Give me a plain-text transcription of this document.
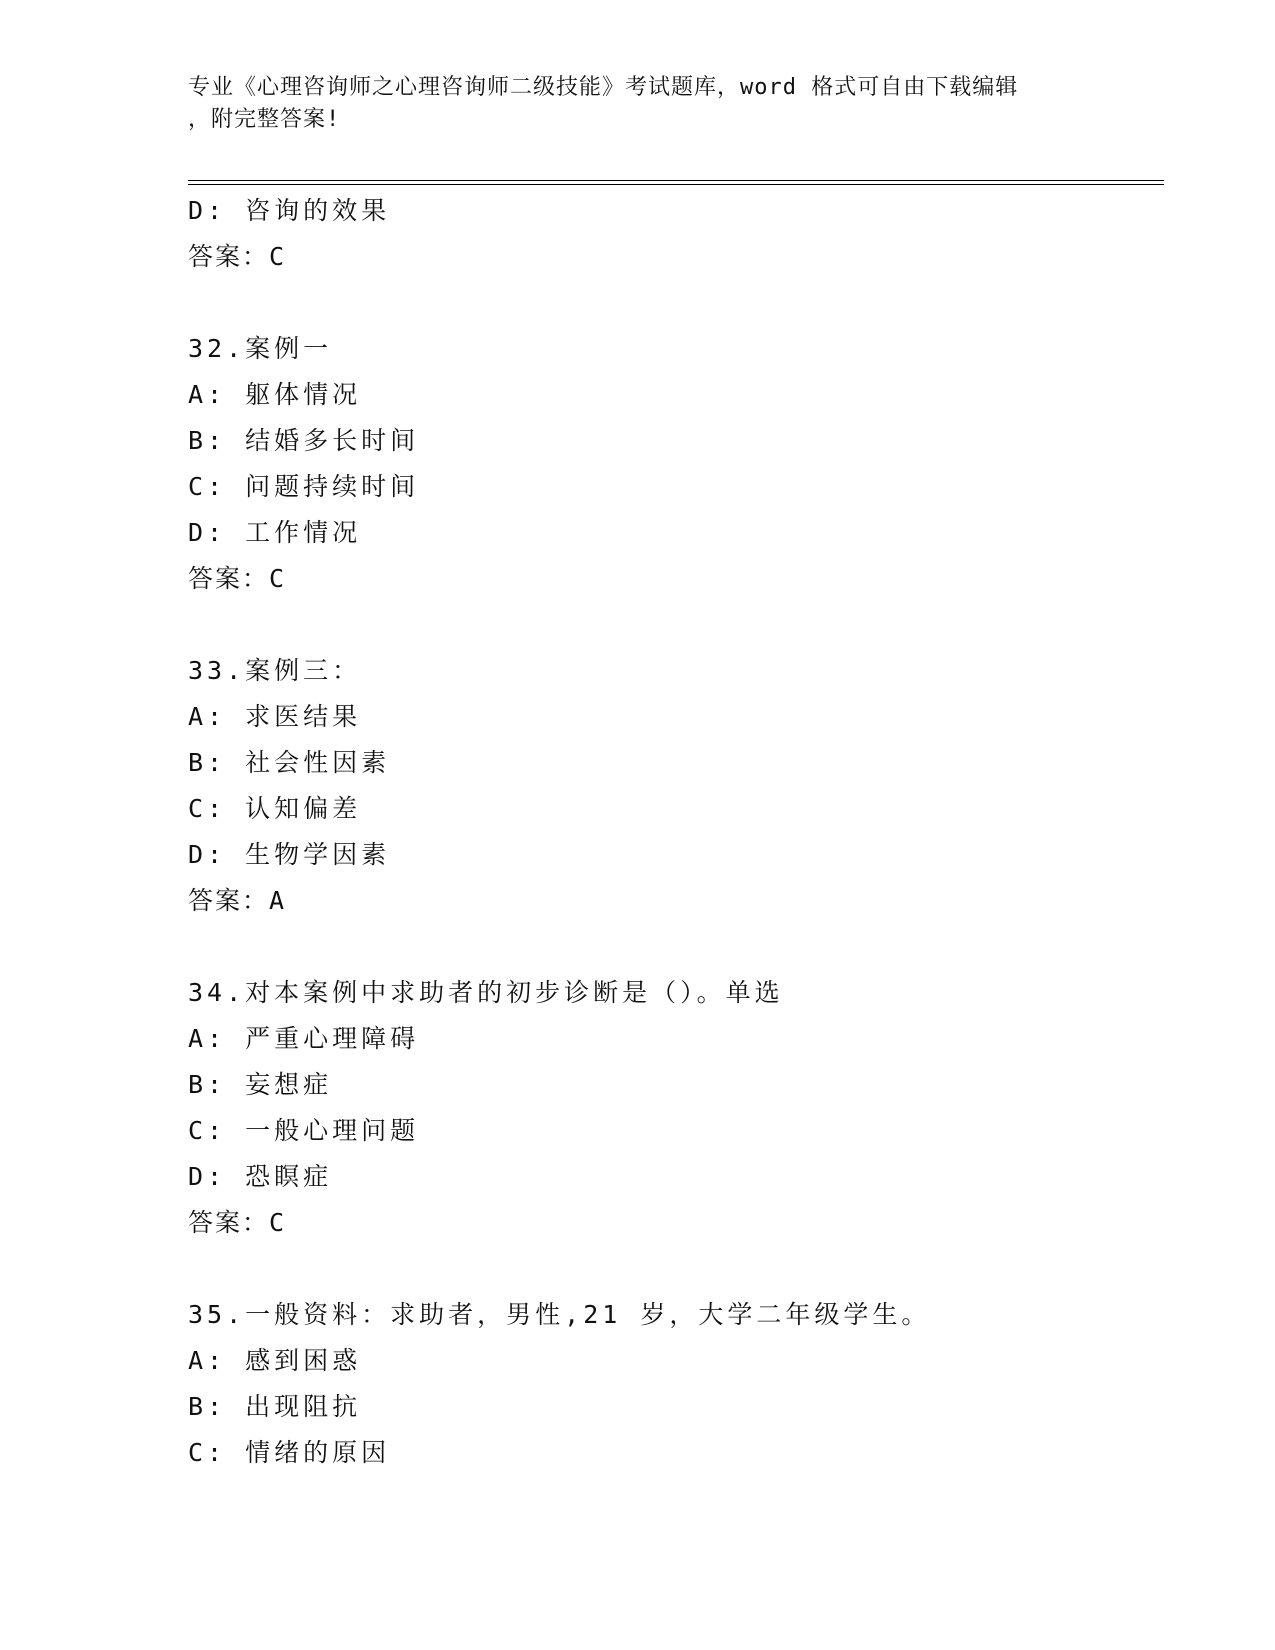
专业《心理咨询师之心理咨询师二级技能》考试题库，word 格式可自由下载编辑
，附完整答案!
D: 咨询的效果
答案：C
32.案例一
A: 躯体情况
B: 结婚多长时间
C: 问题持续时间
D: 工作情况
答案：C
33.案例三：
A: 求医结果
B: 社会性因素
C: 认知偏差
D: 生物学因素
答案：A
34.对本案例中求助者的初步诊断是（）。单选
A: 严重心理障碍
B: 妄想症
C: 一般心理问题
D: 恐瞑症
答案：C
35.一般资料：求助者，男性,21 岁，大学二年级学生。
A: 感到困惑
B: 出现阻抗
C: 情绪的原因
